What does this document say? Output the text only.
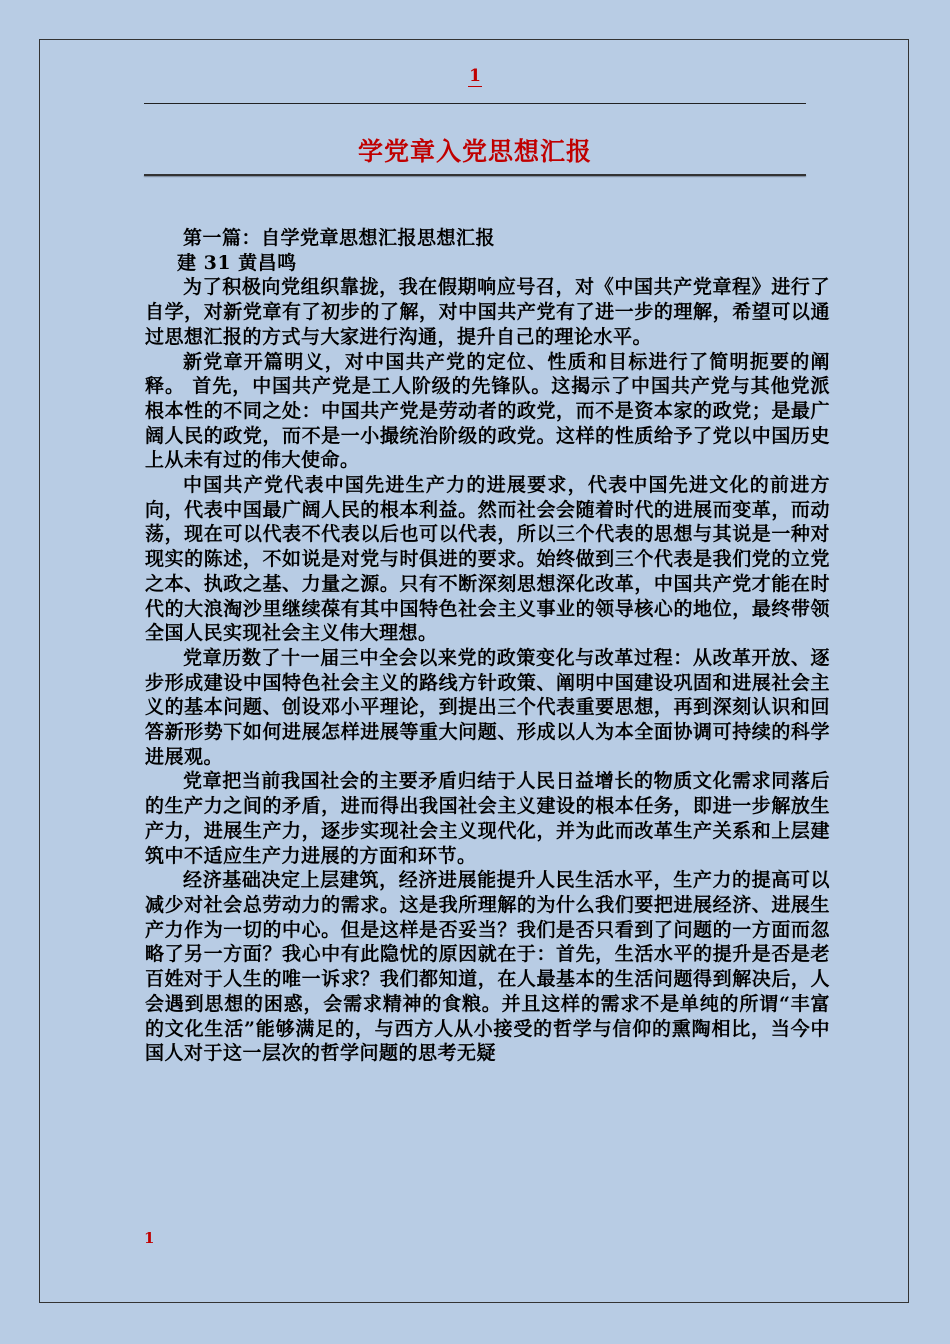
1
学党章入党思想汇报

第一篇：自学党章思想汇报思想汇报

建 31 黄昌鸣

为了积极向党组织靠拢，我在假期响应号召，对《中国共产党章程》进行了自学，对新党章有了初步的了解，对中国共产党有了进一步的理解，希望可以通过思想汇报的方式与大家进行沟通，提升自己的理论水平。

新党章开篇明义，对中国共产党的定位、性质和目标进行了简明扼要的阐释。 首先，中国共产党是工人阶级的先锋队。这揭示了中国共产党与其他党派根本性的不同之处：中国共产党是劳动者的政党，而不是资本家的政党；是最广阔人民的政党，而不是一小撮统治阶级的政党。这样的性质给予了党以中国历史上从未有过的伟大使命。

中国共产党代表中国先进生产力的进展要求，代表中国先进文化的前进方向，代表中国最广阔人民的根本利益。然而社会会随着时代的进展而变革，而动荡，现在可以代表不代表以后也可以代表，所以三个代表的思想与其说是一种对现实的陈述，不如说是对党与时俱进的要求。始终做到三个代表是我们党的立党之本、执政之基、力量之源。只有不断深刻思想深化改革，中国共产党才能在时代的大浪淘沙里继续葆有其中国特色社会主义事业的领导核心的地位，最终带领全国人民实现社会主义伟大理想。

党章历数了十一届三中全会以来党的政策变化与改革过程：从改革开放、逐步形成建设中国特色社会主义的路线方针政策、阐明中国建设巩固和进展社会主义的基本问题、创设邓小平理论，到提出三个代表重要思想，再到深刻认识和回答新形势下如何进展怎样进展等重大问题、形成以人为本全面协调可持续的科学进展观。

党章把当前我国社会的主要矛盾归结于人民日益增长的物质文化需求同落后的生产力之间的矛盾，进而得出我国社会主义建设的根本任务，即进一步解放生产力，进展生产力，逐步实现社会主义现代化，并为此而改革生产关系和上层建筑中不适应生产力进展的方面和环节。

经济基础决定上层建筑，经济进展能提升人民生活水平，生产力的提高可以减少对社会总劳动力的需求。这是我所理解的为什么我们要把进展经济、进展生产力作为一切的中心。但是这样是否妥当？我们是否只看到了问题的一方面而忽略了另一方面？我心中有此隐忧的原因就在于：首先，生活水平的提升是否是老百姓对于人生的唯一诉求？我们都知道，在人最基本的生活问题得到解决后，人会遇到思想的困惑，会需求精神的食粮。并且这样的需求不是单纯的所谓“丰富的文化生活”能够满足的，与西方人从小接受的哲学与信仰的熏陶相比，当今中国人对于这一层次的哲学问题的思考无疑

1
